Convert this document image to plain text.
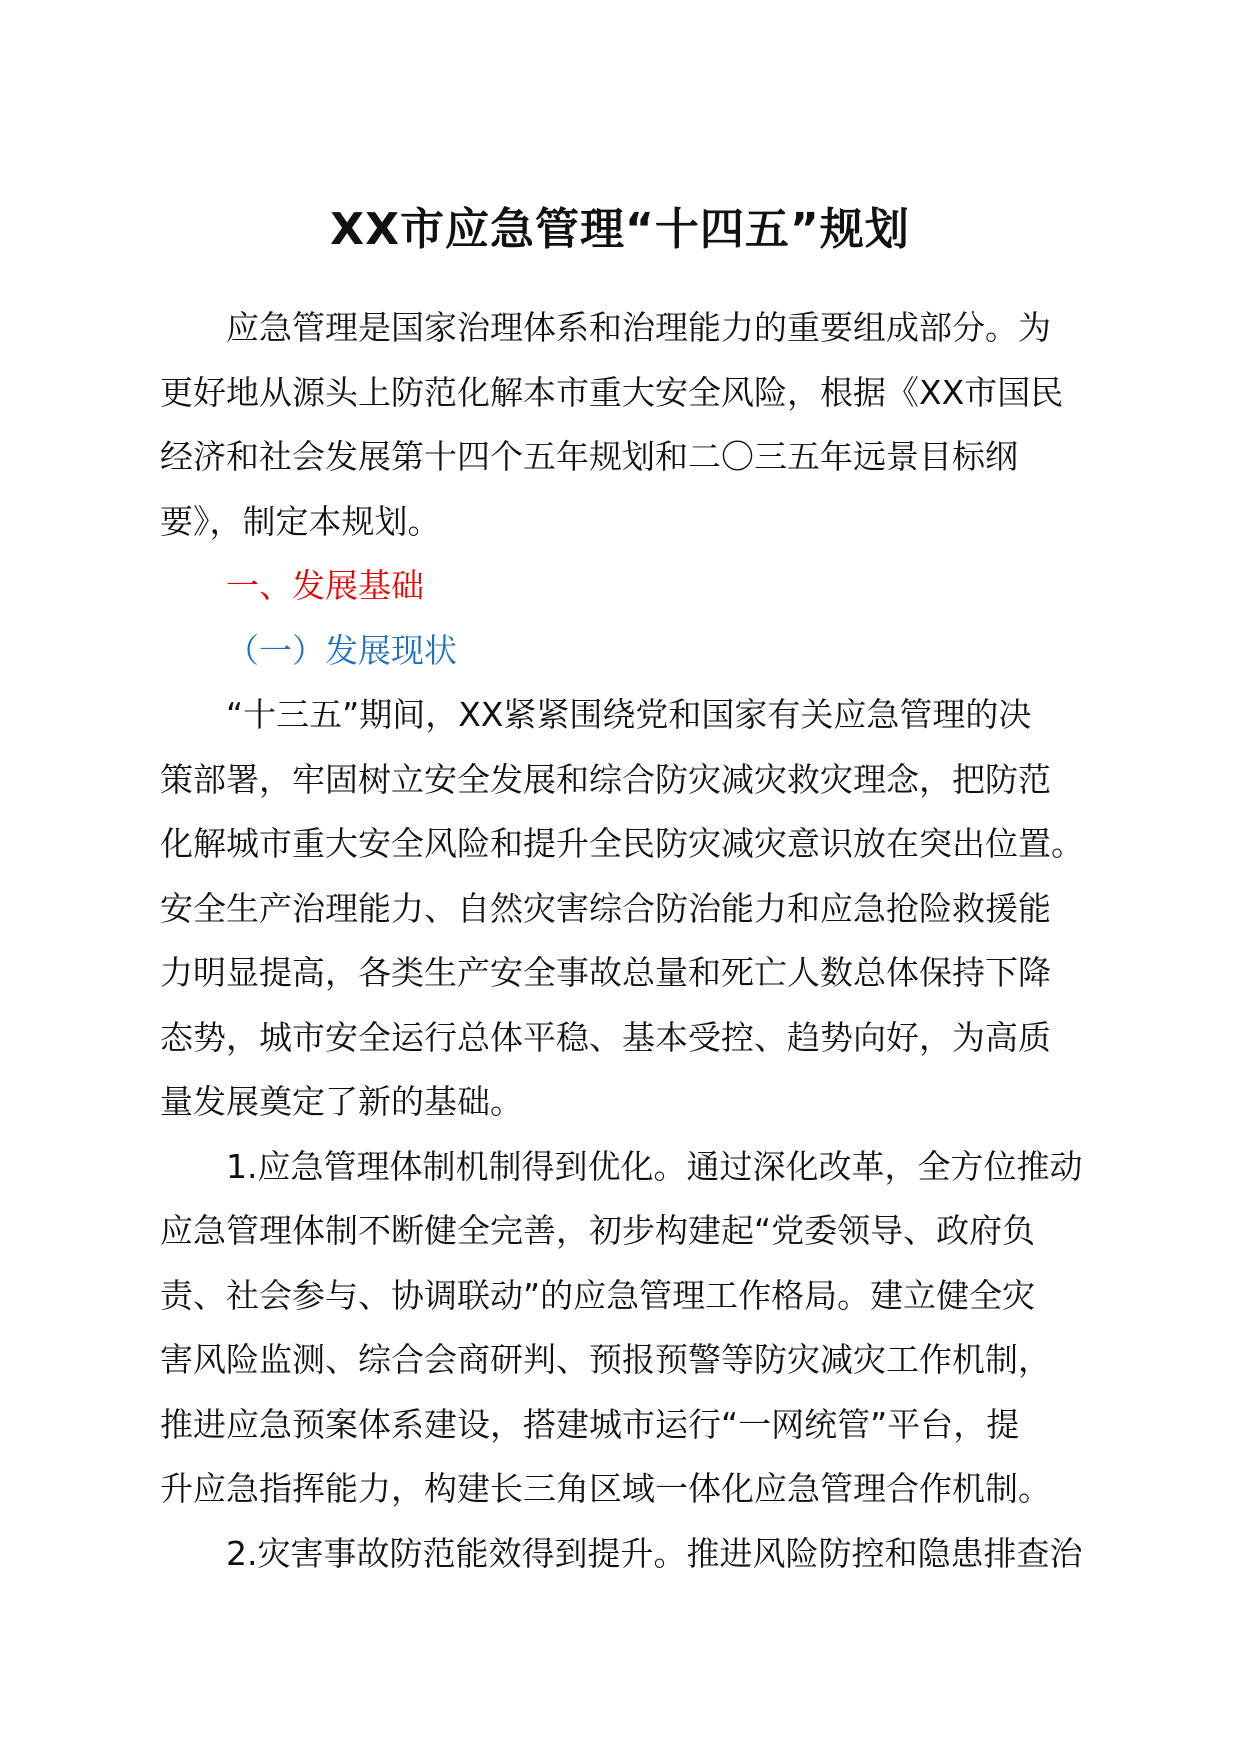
XX市应急管理“十四五”规划
应急管理是国家治理体系和治理能力的重要组成部分。为
更好地从源头上防范化解本市重大安全风险，根据《XX市国民
经济和社会发展第十四个五年规划和二〇三五年远景目标纲
要》，制定本规划。
一、发展基础
（一）发展现状
“十三五”期间，XX紧紧围绕党和国家有关应急管理的决
策部署，牢固树立安全发展和综合防灾减灾救灾理念，把防范
化解城市重大安全风险和提升全民防灾减灾意识放在突出位置。
安全生产治理能力、自然灾害综合防治能力和应急抢险救援能
力明显提高，各类生产安全事故总量和死亡人数总体保持下降
态势，城市安全运行总体平稳、基本受控、趋势向好，为高质
量发展奠定了新的基础。
1.应急管理体制机制得到优化。通过深化改革，全方位推动
应急管理体制不断健全完善，初步构建起“党委领导、政府负
责、社会参与、协调联动”的应急管理工作格局。建立健全灾
害风险监测、综合会商研判、预报预警等防灾减灾工作机制，
推进应急预案体系建设，搭建城市运行“一网统管”平台，提
升应急指挥能力，构建长三角区域一体化应急管理合作机制。
2.灾害事故防范能效得到提升。推进风险防控和隐患排查治
